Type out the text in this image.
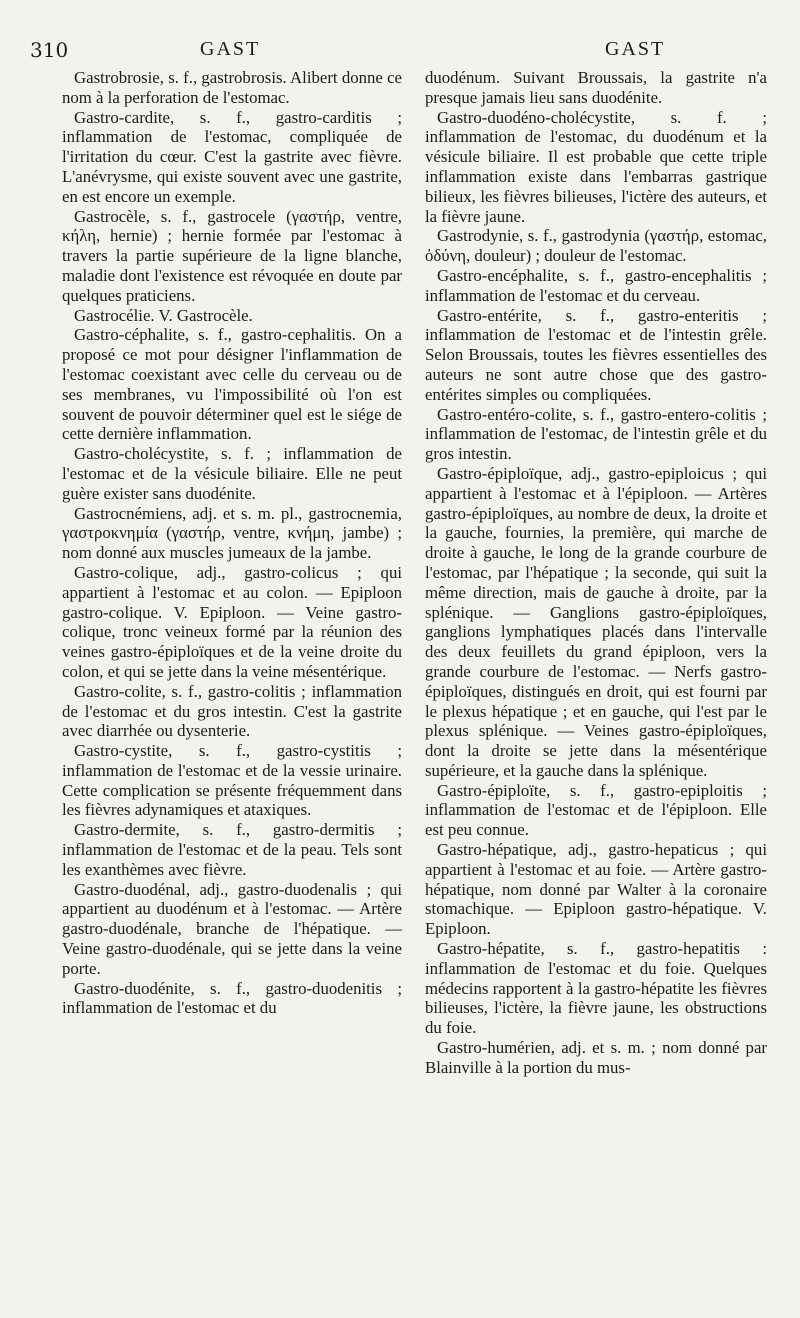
310	GAST	GAST

Gastrobrosie, s. f., gastrobrosis. Alibert donne ce nom à la perforation de l'estomac.

Gastro-cardite, s. f., gastro-carditis ; inflammation de l'estomac, compliquée de l'irritation du cœur. C'est la gastrite avec fièvre. L'anévrysme, qui existe souvent avec une gastrite, en est encore un exemple.

Gastrocèle, s. f., gastrocele (γαστήρ, ventre, κήλη, hernie) ; hernie formée par l'estomac à travers la partie supérieure de la ligne blanche, maladie dont l'existence est révoquée en doute par quelques praticiens.

Gastrocélie. V. Gastrocèle.

Gastro-céphalite, s. f., gastro-cephalitis. On a proposé ce mot pour désigner l'inflammation de l'estomac coexistant avec celle du cerveau ou de ses membranes, vu l'impossibilité où l'on est souvent de pouvoir déterminer quel est le siége de cette dernière inflammation.

Gastro-cholécystite, s. f. ; inflammation de l'estomac et de la vésicule biliaire. Elle ne peut guère exister sans duodénite.

Gastrocnémiens, adj. et s. m. pl., gastrocnemia, γαστροκνημία (γαστήρ, ventre, κνήμη, jambe) ; nom donné aux muscles jumeaux de la jambe.

Gastro-colique, adj., gastro-colicus ; qui appartient à l'estomac et au colon. — Epiploon gastro-colique. V. Epiploon. — Veine gastro-colique, tronc veineux formé par la réunion des veines gastro-épiploïques et de la veine droite du colon, et qui se jette dans la veine mésentérique.

Gastro-colite, s. f., gastro-colitis ; inflammation de l'estomac et du gros intestin. C'est la gastrite avec diarrhée ou dysenterie.

Gastro-cystite, s. f., gastro-cystitis ; inflammation de l'estomac et de la vessie urinaire. Cette complication se présente fréquemment dans les fièvres adynamiques et ataxiques.

Gastro-dermite, s. f., gastro-dermitis ; inflammation de l'estomac et de la peau. Tels sont les exanthèmes avec fièvre.

Gastro-duodénal, adj., gastro-duodenalis ; qui appartient au duodénum et à l'estomac. — Artère gastro-duodénale, branche de l'hépatique. — Veine gastro-duodénale, qui se jette dans la veine porte.

Gastro-duodénite, s. f., gastro-duodenitis ; inflammation de l'estomac et du

duodénum. Suivant Broussais, la gastrite n'a presque jamais lieu sans duodénite.

Gastro-duodéno-cholécystite, s. f. ; inflammation de l'estomac, du duodénum et la vésicule biliaire. Il est probable que cette triple inflammation existe dans l'embarras gastrique bilieux, les fièvres bilieuses, l'ictère des auteurs, et la fièvre jaune.

Gastrodynie, s. f., gastrodynia (γαστήρ, estomac, ὀδύνη, douleur) ; douleur de l'estomac.

Gastro-encéphalite, s. f., gastro-encephalitis ; inflammation de l'estomac et du cerveau.

Gastro-entérite, s. f., gastro-enteritis ; inflammation de l'estomac et de l'intestin grêle. Selon Broussais, toutes les fièvres essentielles des auteurs ne sont autre chose que des gastro-entérites simples ou compliquées.

Gastro-entéro-colite, s. f., gastro-entero-colitis ; inflammation de l'estomac, de l'intestin grêle et du gros intestin.

Gastro-épiploïque, adj., gastro-epiploicus ; qui appartient à l'estomac et à l'épiploon. — Artères gastro-épiploïques, au nombre de deux, la droite et la gauche, fournies, la première, qui marche de droite à gauche, le long de la grande courbure de l'estomac, par l'hépatique ; la seconde, qui suit la même direction, mais de gauche à droite, par la splénique. — Ganglions gastro-épiploïques, ganglions lymphatiques placés dans l'intervalle des deux feuillets du grand épiploon, vers la grande courbure de l'estomac. — Nerfs gastro-épiploïques, distingués en droit, qui est fourni par le plexus hépatique ; et en gauche, qui l'est par le plexus splénique. — Veines gastro-épiploïques, dont la droite se jette dans la mésentérique supérieure, et la gauche dans la splénique.

Gastro-épiploïte, s. f., gastro-epiploitis ; inflammation de l'estomac et de l'épiploon. Elle est peu connue.

Gastro-hépatique, adj., gastro-hepaticus ; qui appartient à l'estomac et au foie. — Artère gastro-hépatique, nom donné par Walter à la coronaire stomachique. — Epiploon gastro-hépatique. V. Epiploon.

Gastro-hépatite, s. f., gastro-hepatitis : inflammation de l'estomac et du foie. Quelques médecins rapportent à la gastro-hépatite les fièvres bilieuses, l'ictère, la fièvre jaune, les obstructions du foie.

Gastro-humérien, adj. et s. m. ; nom donné par Blainville à la portion du mus-
